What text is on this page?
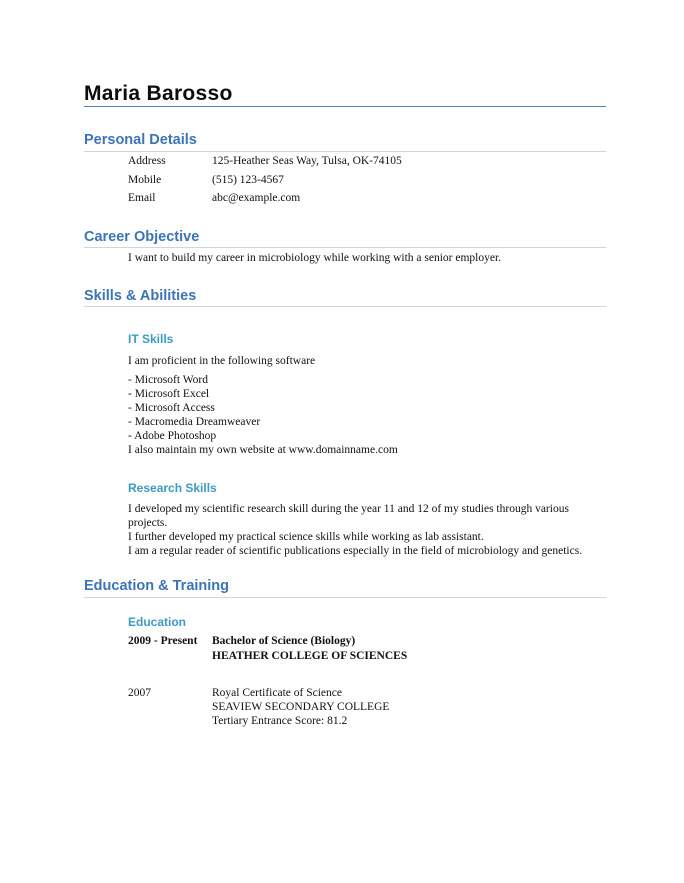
Maria Barosso
Personal Details
Address	125-Heather Seas Way, Tulsa, OK-74105
Mobile	(515) 123-4567
Email	abc@example.com
Career Objective
I want to build my career in microbiology while working with a senior employer.
Skills & Abilities
IT Skills
I am proficient in the following software
- Microsoft Word
- Microsoft Excel
- Microsoft Access
- Macromedia Dreamweaver
- Adobe Photoshop
I also maintain my own website at www.domainname.com
Research Skills
I developed my scientific research skill during the year 11 and 12 of my studies through various
projects.
I further developed my practical science skills while working as lab assistant.
I am a regular reader of scientific publications especially in the field of microbiology and genetics.
Education & Training
Education
2009 - Present Bachelor of Science (Biology)
HEATHER COLLEGE OF SCIENCES
2007	Royal Certificate of Science
SEAVIEW SECONDARY COLLEGE
Tertiary Entrance Score: 81.2
